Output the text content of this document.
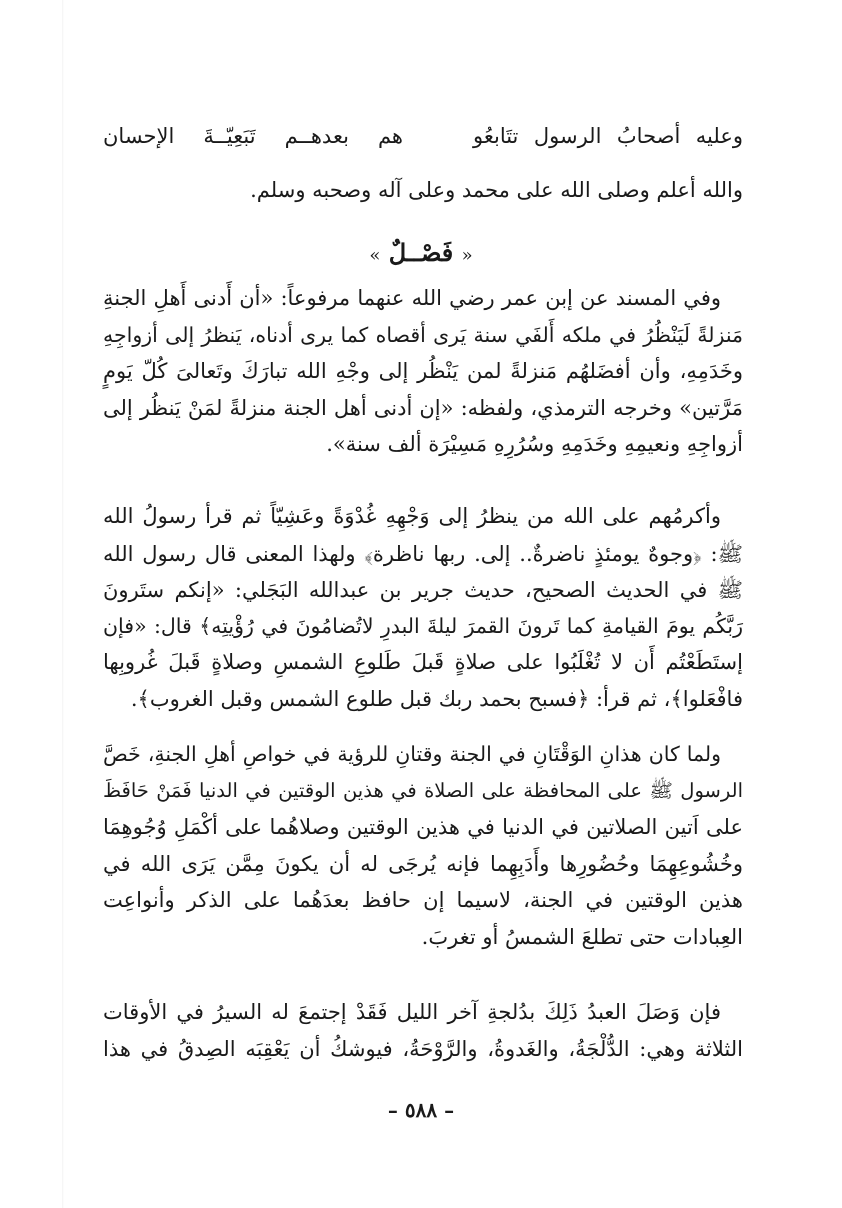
وعليه أصحابُ الرسول تتَابعُو
هم بعدهــم تَبَعِيّــةَ الإحسان
والله أعلم وصلى الله على محمد وعلى آله وصحبه وسلم.
« فَصْــلٌ »
وفي المسند عن إبن عمر رضي الله عنهما مرفوعاً: «أن أَدنى أَهلِ الجنةِ
مَنزلةً لَيَنْظُرُ في ملكه أَلفَي سنة يَرى أقصاه كما يرى أدناه، يَنظرُ إلى أزواجِهِ
وخَدَمِهِ، وأن أفضَلهُم مَنزلةً لمن يَنْظُر إلى وجْهِ الله تبارَكَ وتَعالىَ كُلّ يَومٍ
مَرَّتين» وخرجه الترمذي، ولفظه: «إن أدنى أهل الجنة منزلةً لمَنْ يَنظُر إلى
أزواجِهِ ونعيمِهِ وخَدَمِهِ وسُرُرِهِ مَسِيْرَة ألف سنة».
وأكرمُهم على الله من ينظرُ إلى وَجْهِهِ غُدْوَةً وعَشِيّاً ثم قرأ رسولُ الله
ﷺ: ﴿وجوهٌ يومئذٍ ناضرةٌ.. إلى. ربها ناظرة﴾ ولهذا المعنى قال رسول الله
ﷺ في الحديث الصحيح، حديث جرير بن عبدالله البَجَلي: «إنكم ستَرونَ
رَبَّكُم يومَ القيامةِ كما تَرونَ القمرَ ليلةَ البدرِ لاتُضامُونَ في رُؤْيتِه﴾ قال: «فإن
إستَطَعْتُم أَن لا تُغْلَبُوا على صلاةٍ قَبلَ طَلوعِ الشمسِ وصلاةٍ قَبلَ غُروبِها
فافْعَلوا﴾، ثم قرأ: ﴿فسبح بحمد ربك قبل طلوع الشمس وقبل الغروب﴾.
ولما كان هذانِ الوَقْتَانِ في الجنة وقتانِ للرؤية في خواصِ أهلِ الجنةِ، خَصَّ
الرسول ﷺ على المحافظة على الصلاة في هذين الوقتين في الدنيا فَمَنْ حَافَظَ
على اَتين الصلاتين في الدنيا في هذين الوقتين وصلاهُما على أكْمَلِ وُجُوهِمَا
وخُشُوعِهِمَا وحُضُورِها وأَدَبِهِما فإنه يُرجَى له أن يكونَ مِمَّن يَرَى الله في
هذين الوقتين في الجنة، لاسيما إن حافظ بعدَهُما على الذكر وأنواعِت
العِبادات حتى تطلعَ الشمسُ أو تغربَ.
فإن وَصَلَ العبدُ ذَلِكَ بدُلجةِ آخر الليل فَقَدْ إجتمعَ له السيرُ في الأوقات
الثلاثة وهي: الدُّلْجَةُ، والغَدوةُ، والرَّوْحَةُ، فيوشكُ أن يَعْقِبَه الصِدقُ في هذا
– ٥٨٨ –
